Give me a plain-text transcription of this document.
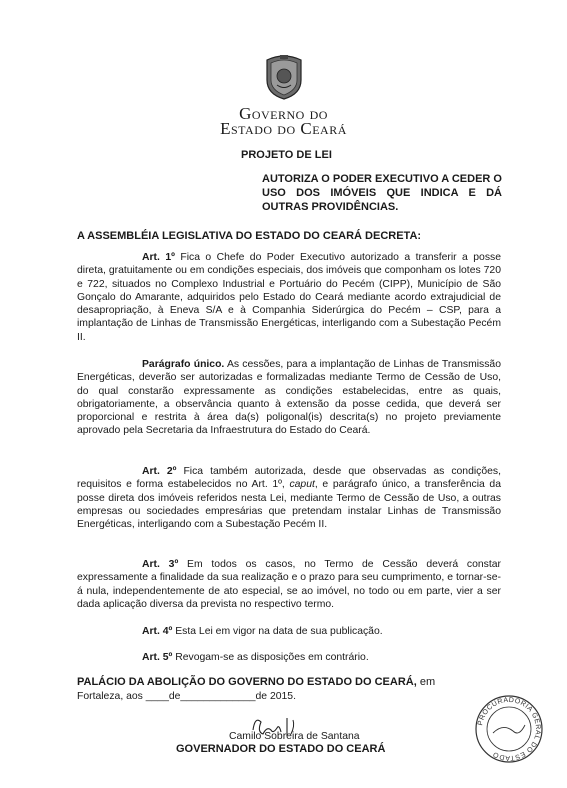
Governo do
Estado do Ceará
PROJETO DE LEI
AUTORIZA O PODER EXECUTIVO A CEDER O USO DOS IMÓVEIS QUE INDICA E DÁ OUTRAS PROVIDÊNCIAS.
A ASSEMBLÉIA LEGISLATIVA DO ESTADO DO CEARÁ DECRETA:
Art. 1º Fica o Chefe do Poder Executivo autorizado a transferir a posse direta, gratuitamente ou em condições especiais, dos imóveis que componham os lotes 720 e 722, situados no Complexo Industrial e Portuário do Pecém (CIPP), Município de São Gonçalo do Amarante, adquiridos pelo Estado do Ceará mediante acordo extrajudicial de desapropriação, à Eneva S/A e à Companhia Siderúrgica do Pecém – CSP, para a implantação de Linhas de Transmissão Energéticas, interligando com a Subestação Pecém II.
Parágrafo único. As cessões, para a implantação de Linhas de Transmissão Energéticas, deverão ser autorizadas e formalizadas mediante Termo de Cessão de Uso, do qual constarão expressamente as condições estabelecidas, entre as quais, obrigatoriamente, a observância quanto à extensão da posse cedida, que deverá ser proporcional e restrita à área da(s) poligonal(is) descrita(s) no projeto previamente aprovado pela Secretaria da Infraestrutura do Estado do Ceará.
Art. 2º Fica também autorizada, desde que observadas as condições, requisitos e forma estabelecidos no Art. 1º, caput, e parágrafo único, a transferência da posse direta dos imóveis referidos nesta Lei, mediante Termo de Cessão de Uso, a outras empresas ou sociedades empresárias que pretendam instalar Linhas de Transmissão Energéticas, interligando com a Subestação Pecém II.
Art. 3º Em todos os casos, no Termo de Cessão deverá constar expressamente a finalidade da sua realização e o prazo para seu cumprimento, e tornar-se-á nula, independentemente de ato especial, se ao imóvel, no todo ou em parte, vier a ser dada aplicação diversa da prevista no respectivo termo.
Art. 4º Esta Lei em vigor na data de sua publicação.
Art. 5º Revogam-se as disposições em contrário.
PALÁCIO DA ABOLIÇÃO DO GOVERNO DO ESTADO DO CEARÁ, em
Fortaleza, aos ____de_____________de 2015.
Camilo Sobreira de Santana
GOVERNADOR DO ESTADO DO CEARÁ
PROCURADORIA GERAL DO ESTADO
